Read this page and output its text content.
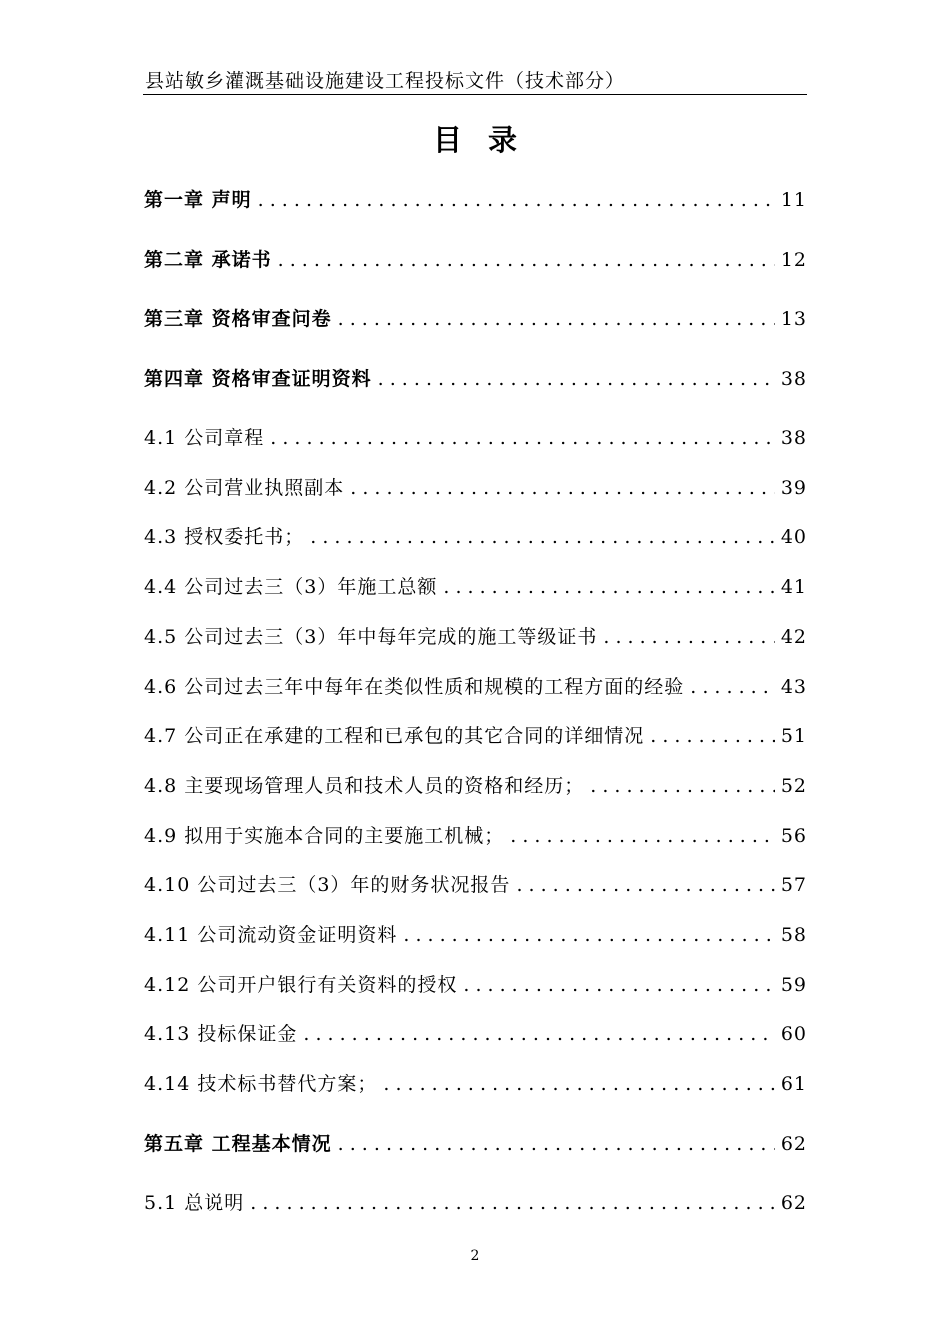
县站敏乡灌溉基础设施建设工程投标文件（技术部分）
目 录
第一章 声明 . . .	11
第二章 承诺书 . . .	12
第三章 资格审查问卷 . . .	13
第四章 资格审查证明资料 . . .	38
4.1 公司章程 . . .	38
4.2 公司营业执照副本 . . .	39
4.3 授权委托书； . . .	40
4.4 公司过去三（3）年施工总额 . . .	41
4.5 公司过去三（3）年中每年完成的施工等级证书 . . .	42
4.6 公司过去三年中每年在类似性质和规模的工程方面的经验 . . .	43
4.7 公司正在承建的工程和已承包的其它合同的详细情况 . . .	51
4.8 主要现场管理人员和技术人员的资格和经历； . . .	52
4.9 拟用于实施本合同的主要施工机械； . . .	56
4.10 公司过去三（3）年的财务状况报告 . . .	57
4.11 公司流动资金证明资料 . . .	58
4.12 公司开户银行有关资料的授权 . . .	59
4.13 投标保证金 . . .	60
4.14 技术标书替代方案； . . .	61
第五章 工程基本情况 . . .	62
5.1 总说明 . . .	62
2
